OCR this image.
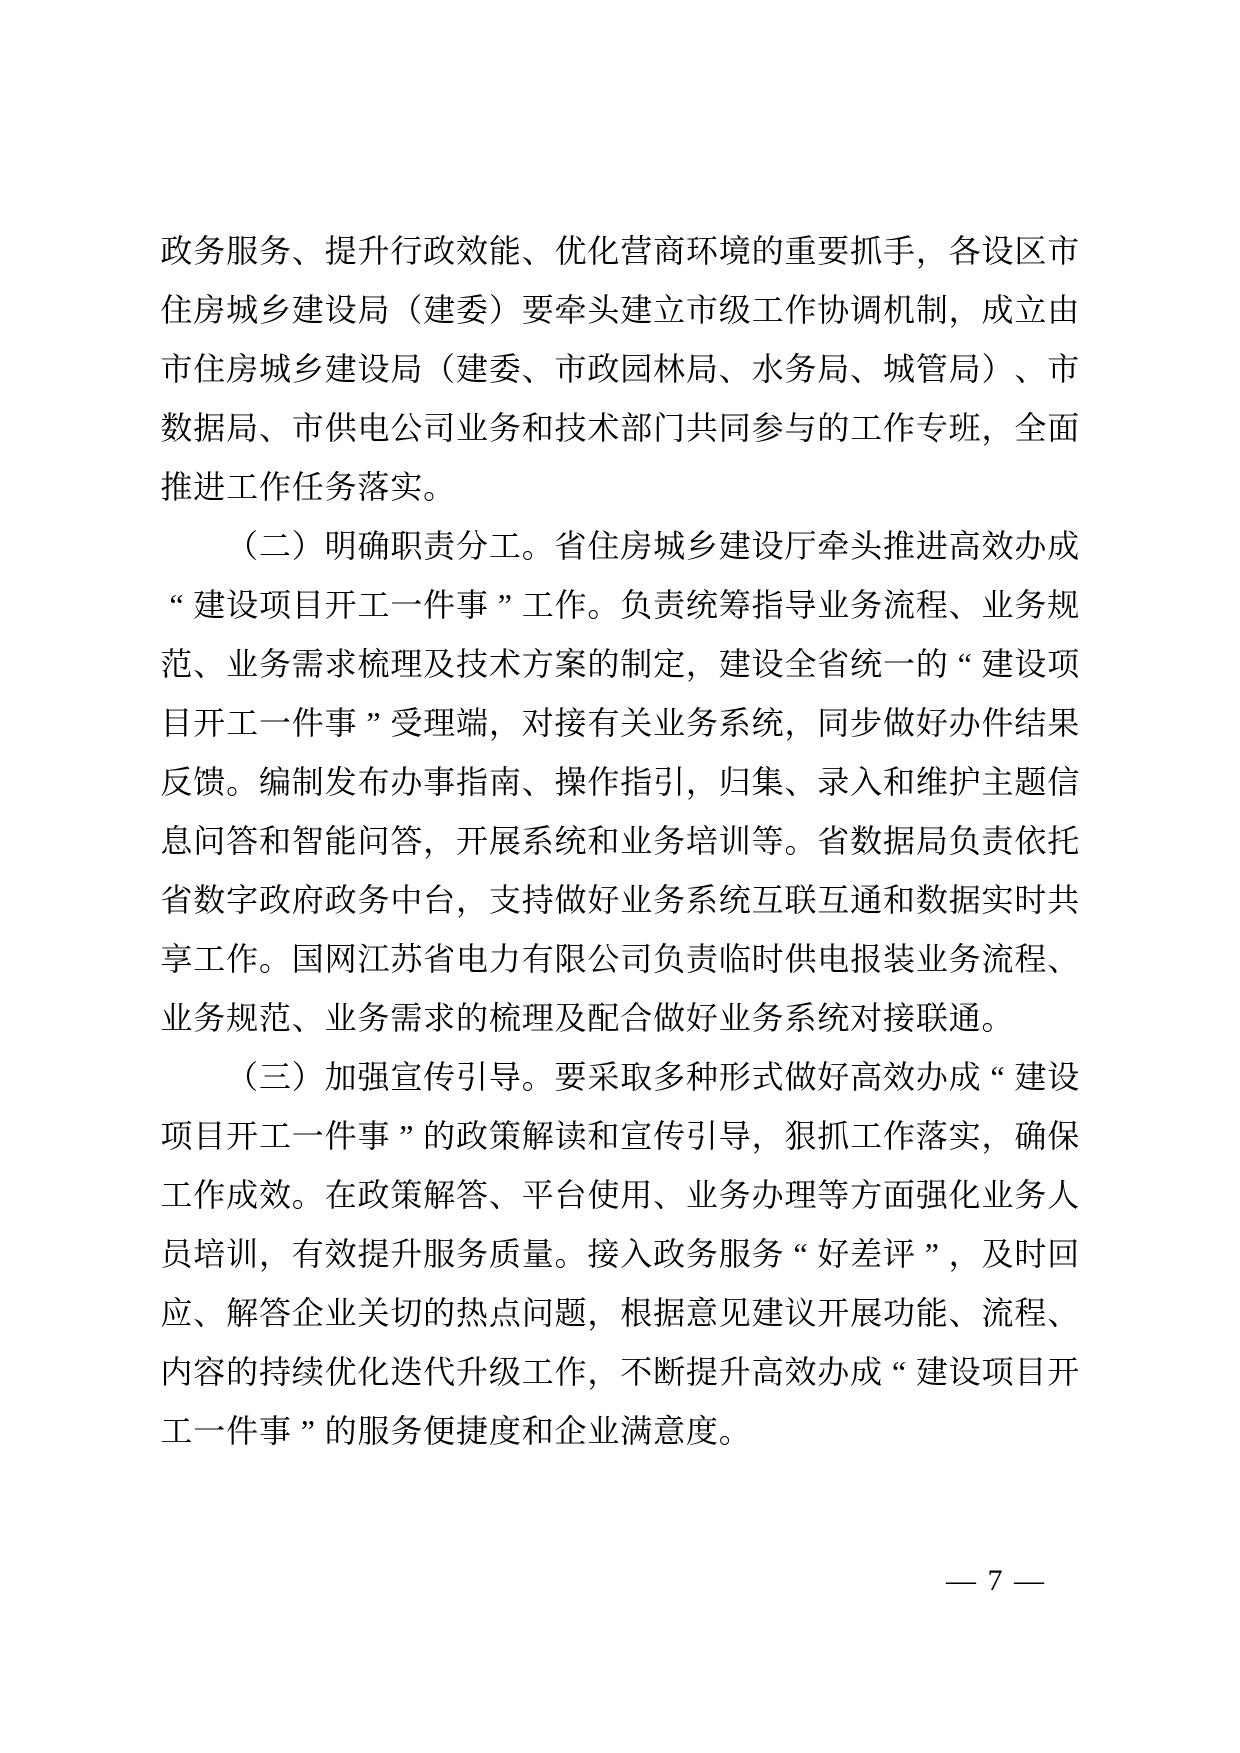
政 务 服 务 、 提 升 行 政 效 能 、 优 化 营 商 环 境 的 重 要 抓 手 ， 各 设 区 市
住 房 城 乡 建 设 局 （ 建 委 ） 要 牵 头 建 立 市 级 工 作 协 调 机 制 ， 成 立 由
市 住 房 城 乡 建 设 局 （ 建 委 、 市 政 园 林 局 、 水 务 局 、 城 管 局 ） 、 市
数 据 局 、 市 供 电 公 司 业 务 和 技 术 部 门 共 同 参 与 的 工 作 专 班 ， 全 面
推 进 工 作 任 务 落 实 。
（ 二 ） 明 确 职 责 分 工 。 省 住 房 城 乡 建 设 厅 牵 头 推 进 高 效 办 成
“ 建 设 项 目 开 工 一 件 事 ” 工 作 。 负 责 统 筹 指 导 业 务 流 程 、 业 务 规
范 、 业 务 需 求 梳 理 及 技 术 方 案 的 制 定 ， 建 设 全 省 统 一 的 “ 建 设 项
目 开 工 一 件 事 ” 受 理 端 ， 对 接 有 关 业 务 系 统 ， 同 步 做 好 办 件 结 果
反 馈 。 编 制 发 布 办 事 指 南 、 操 作 指 引 ， 归 集 、 录 入 和 维 护 主 题 信
息 问 答 和 智 能 问 答 ， 开 展 系 统 和 业 务 培 训 等 。 省 数 据 局 负 责 依 托
省 数 字 政 府 政 务 中 台 ， 支 持 做 好 业 务 系 统 互 联 互 通 和 数 据 实 时 共
享 工 作 。 国 网 江 苏 省 电 力 有 限 公 司 负 责 临 时 供 电 报 装 业 务 流 程 、
业 务 规 范 、 业 务 需 求 的 梳 理 及 配 合 做 好 业 务 系 统 对 接 联 通 。
（ 三 ） 加 强 宣 传 引 导 。 要 采 取 多 种 形 式 做 好 高 效 办 成 “ 建 设
项 目 开 工 一 件 事 ” 的 政 策 解 读 和 宣 传 引 导 ， 狠 抓 工 作 落 实 ， 确 保
工 作 成 效 。 在 政 策 解 答 、 平 台 使 用 、 业 务 办 理 等 方 面 强 化 业 务 人
员 培 训 ， 有 效 提 升 服 务 质 量 。 接 入 政 务 服 务 “ 好 差 评 ” ， 及 时 回
应 、 解 答 企 业 关 切 的 热 点 问 题 ， 根 据 意 见 建 议 开 展 功 能 、 流 程 、
内 容 的 持 续 优 化 迭 代 升 级 工 作 ， 不 断 提 升 高 效 办 成 “ 建 设 项 目 开
工 一 件 事 ” 的 服 务 便 捷 度 和 企 业 满 意 度 。
— 7 —
